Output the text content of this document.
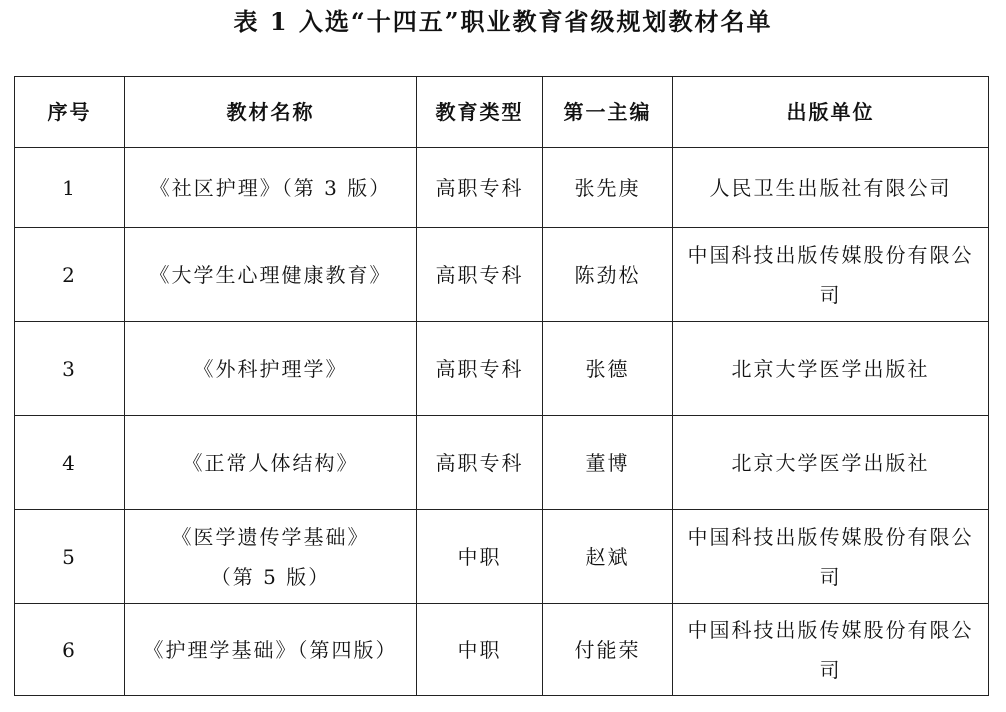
表 1 入选“十四五”职业教育省级规划教材名单
序号	教材名称	教育类型	第一主编	出版单位
1	《社区护理》（第 3 版）	高职专科	张先庚	人民卫生出版社有限公司
2	《大学生心理健康教育》	高职专科	陈劲松	中国科技出版传媒股份有限公司
3	《外科护理学》	高职专科	张德	北京大学医学出版社
4	《正常人体结构》	高职专科	董博	北京大学医学出版社
5	《医学遗传学基础》（第 5 版）	中职	赵斌	中国科技出版传媒股份有限公司
6	《护理学基础》（第四版）	中职	付能荣	中国科技出版传媒股份有限公司
